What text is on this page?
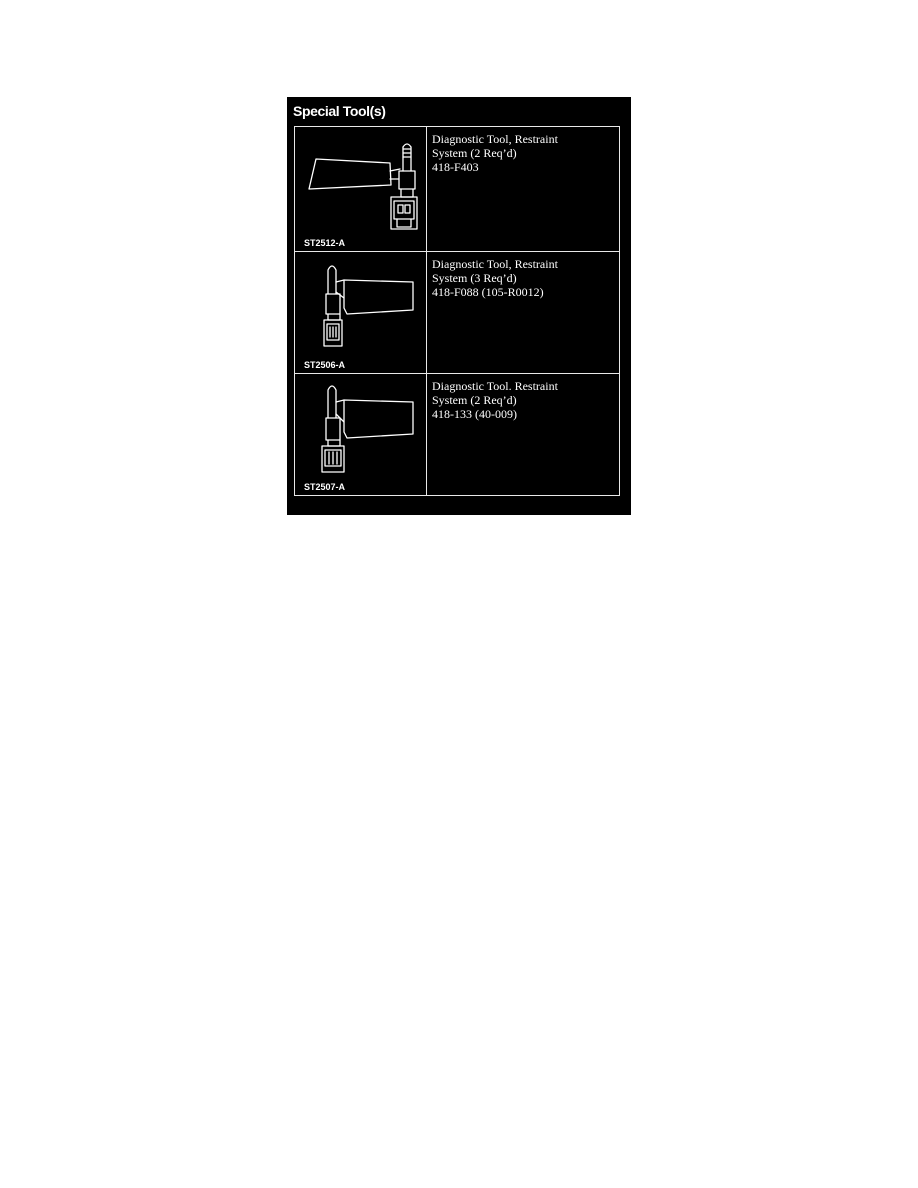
Special Tool(s)
ST2512-A
Diagnostic Tool, Restraint
System (2 Req’d)
418-F403
ST2506-A
Diagnostic Tool, Restraint
System (3 Req’d)
418-F088 (105-R0012)
ST2507-A
Diagnostic Tool. Restraint
System (2 Req’d)
418-133 (40-009)
